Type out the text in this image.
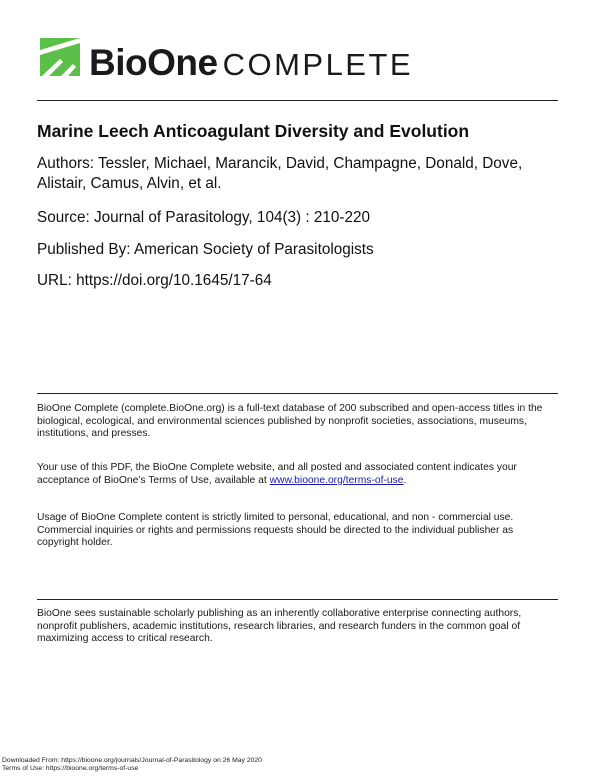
BioOne COMPLETE
Marine Leech Anticoagulant Diversity and Evolution
Authors: Tessler, Michael, Marancik, David, Champagne, Donald, Dove, Alistair, Camus, Alvin, et al.
Source: Journal of Parasitology, 104(3) : 210-220
Published By: American Society of Parasitologists
URL: https://doi.org/10.1645/17-64
BioOne Complete (complete.BioOne.org) is a full-text database of 200 subscribed and open-access titles in the biological, ecological, and environmental sciences published by nonprofit societies, associations, museums, institutions, and presses.
Your use of this PDF, the BioOne Complete website, and all posted and associated content indicates your acceptance of BioOne’s Terms of Use, available at www.bioone.org/terms-of-use.
Usage of BioOne Complete content is strictly limited to personal, educational, and non - commercial use. Commercial inquiries or rights and permissions requests should be directed to the individual publisher as copyright holder.
BioOne sees sustainable scholarly publishing as an inherently collaborative enterprise connecting authors, nonprofit publishers, academic institutions, research libraries, and research funders in the common goal of maximizing access to critical research.
Downloaded From: https://bioone.org/journals/Journal-of-Parasitology on 26 May 2020
Terms of Use: https://bioone.org/terms-of-use
